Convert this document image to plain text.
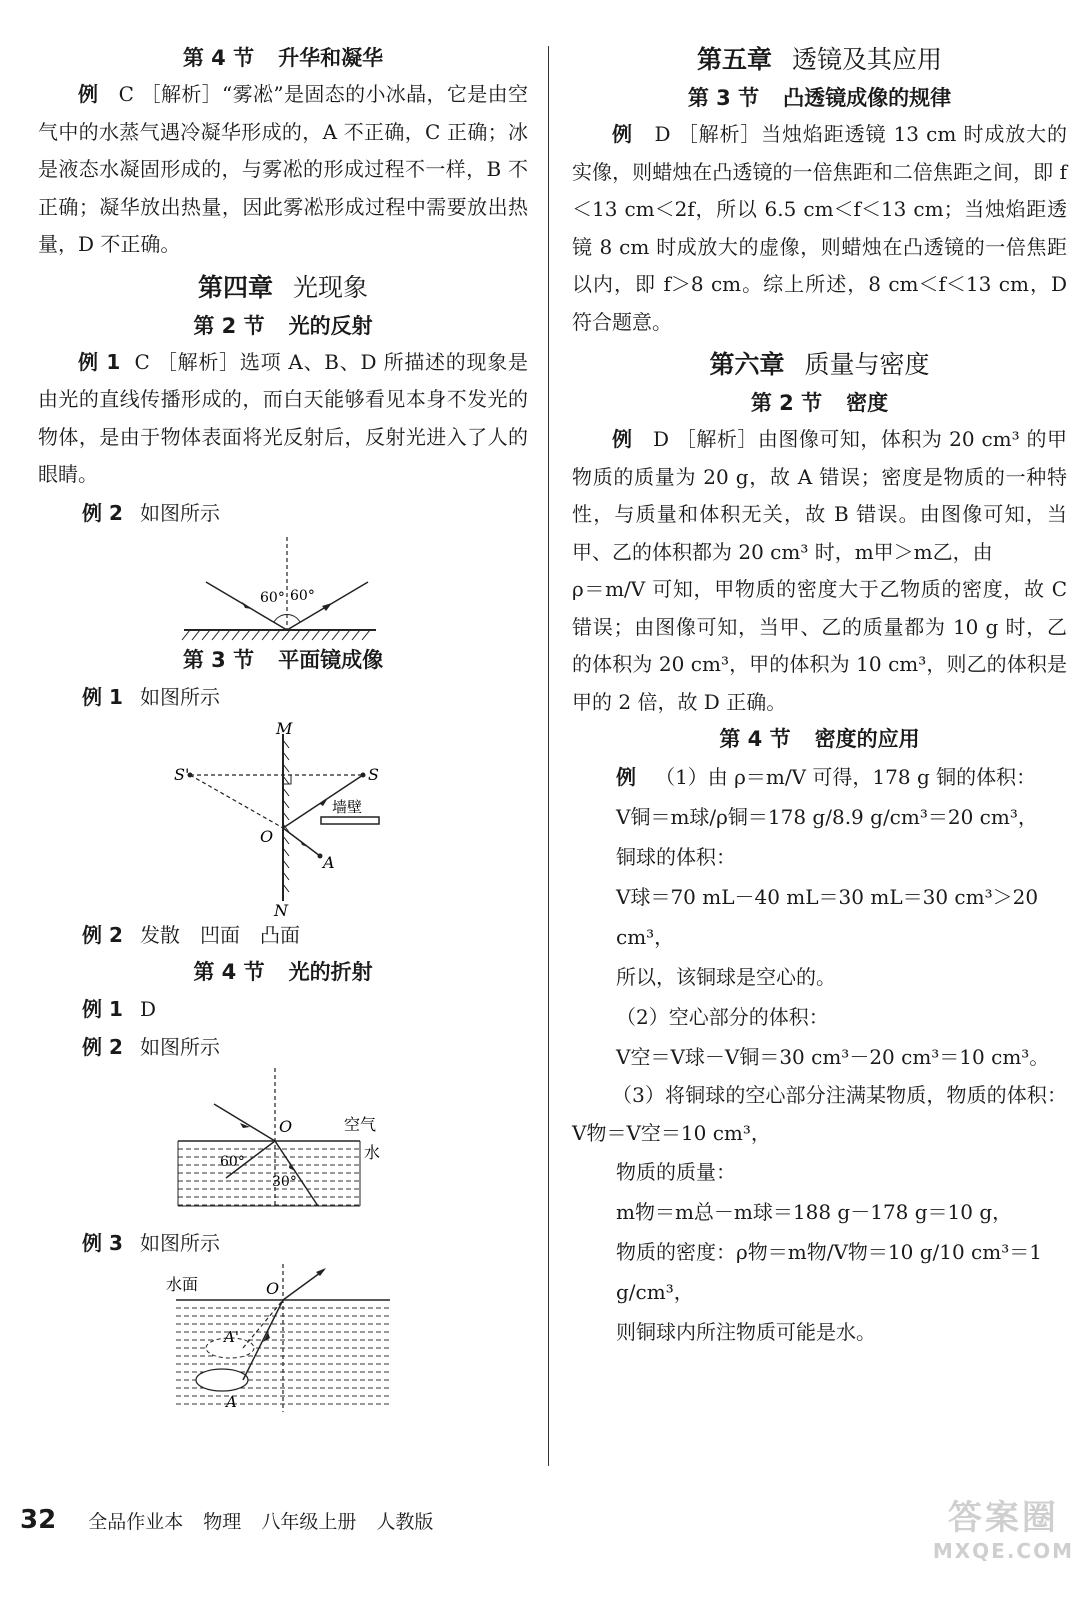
第 4 节 升华和凝华

例 C ［解析］“雾凇”是固态的小冰晶，它是由空气中的水蒸气遇冷凝华形成的，A 不正确，C 正确；冰是液态水凝固形成的，与雾凇的形成过程不一样，B 不正确；凝华放出热量，因此雾凇形成过程中需要放出热量，D 不正确。

第四章 光现象
第 2 节 光的反射

例 1 C ［解析］选项 A、B、D 所描述的现象是由光的直线传播形成的，而白天能够看见本身不发光的物体，是由于物体表面将光反射后，反射光进入了人的眼睛。

例 2 如图所示
60° 60°
第 3 节 平面镜成像
例 1 如图所示
M
N
S'	S
O
A
墙壁
例 2 发散　凹面　凸面
第 4 节 光的折射
例 1 D
例 2 如图所示
O	空气
水
60°
30°
例 3 如图所示
水面	O
A'
A
第五章 透镜及其应用
第 3 节 凸透镜成像的规律

例 D ［解析］当烛焰距透镜 13 cm 时成放大的实像，则蜡烛在凸透镜的一倍焦距和二倍焦距之间，即 f＜13 cm＜2f，所以 6.5 cm＜f＜13 cm；当烛焰距透镜 8 cm 时成放大的虚像，则蜡烛在凸透镜的一倍焦距以内，即 f＞8 cm。综上所述，8 cm＜f＜13 cm，D 符合题意。

第六章 质量与密度
第 2 节 密度

例 D ［解析］由图像可知，体积为 20 cm³ 的甲物质的质量为 20 g，故 A 错误；密度是物质的一种特性，与质量和体积无关，故 B 错误。由图像可知，当甲、乙的体积都为 20 cm³ 时，m甲＞m乙，由

ρ＝m/V 可知，甲物质的密度大于乙物质的密度，故 C 错误；由图像可知，当甲、乙的质量都为 10 g 时，乙的体积为 20 cm³，甲的体积为 10 cm³，则乙的体积是甲的 2 倍，故 D 正确。

第 4 节 密度的应用
例 （1）由 ρ＝m/V 可得，178 g 铜的体积：
V铜＝m球/ρ铜＝178 g/8.9 g/cm³＝20 cm³，
铜球的体积：
V球＝70 mL－40 mL＝30 mL＝30 cm³＞20 cm³，
所以，该铜球是空心的。
（2）空心部分的体积：
V空＝V球－V铜＝30 cm³－20 cm³＝10 cm³。

（3）将铜球的空心部分注满某物质，物质的体积：V物＝V空＝10 cm³，

物质的质量：
m物＝m总－m球＝188 g－178 g＝10 g，
物质的密度：ρ物＝m物/V物＝10 g/10 cm³＝1 g/cm³，
则铜球内所注物质可能是水。
32 全品作业本 物理 八年级上册 人教版	答案圈
MXQE.COM
